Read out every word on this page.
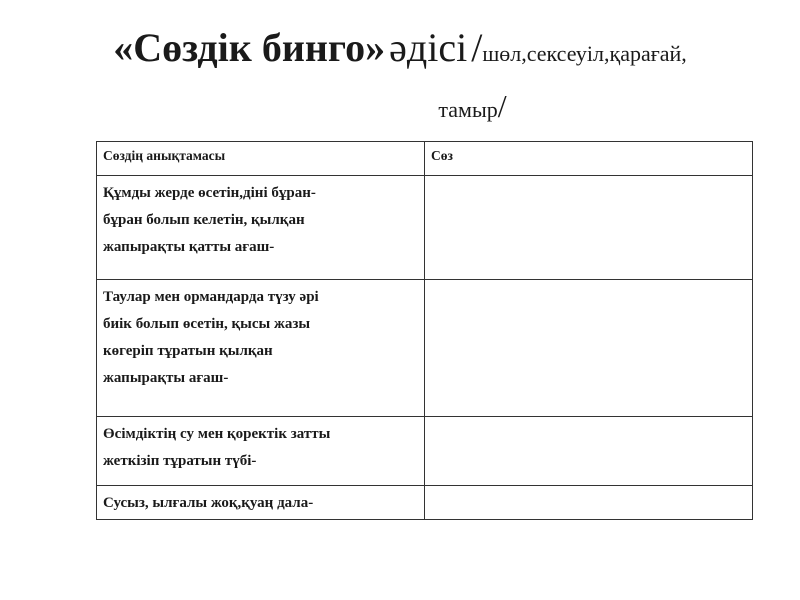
«Сөздік бинго» әдісі /шөл,сексеуіл,қарағай,
тамыр/
Сөздің анықтамасы	Сөз

Құмды жерде өсетін,діні бұран-
бұран болып келетін, қылқан
жапырақты қатты ағаш-	

Таулар мен ормандарда түзу әрі
биік болып өсетін, қысы жазы
көгеріп тұратын қылқан
жапырақты ағаш-	

Өсімдіктің су мен қоректік затты
жеткізіп тұратын түбі-	

Сусыз, ылғалы жоқ,қуаң дала-	
